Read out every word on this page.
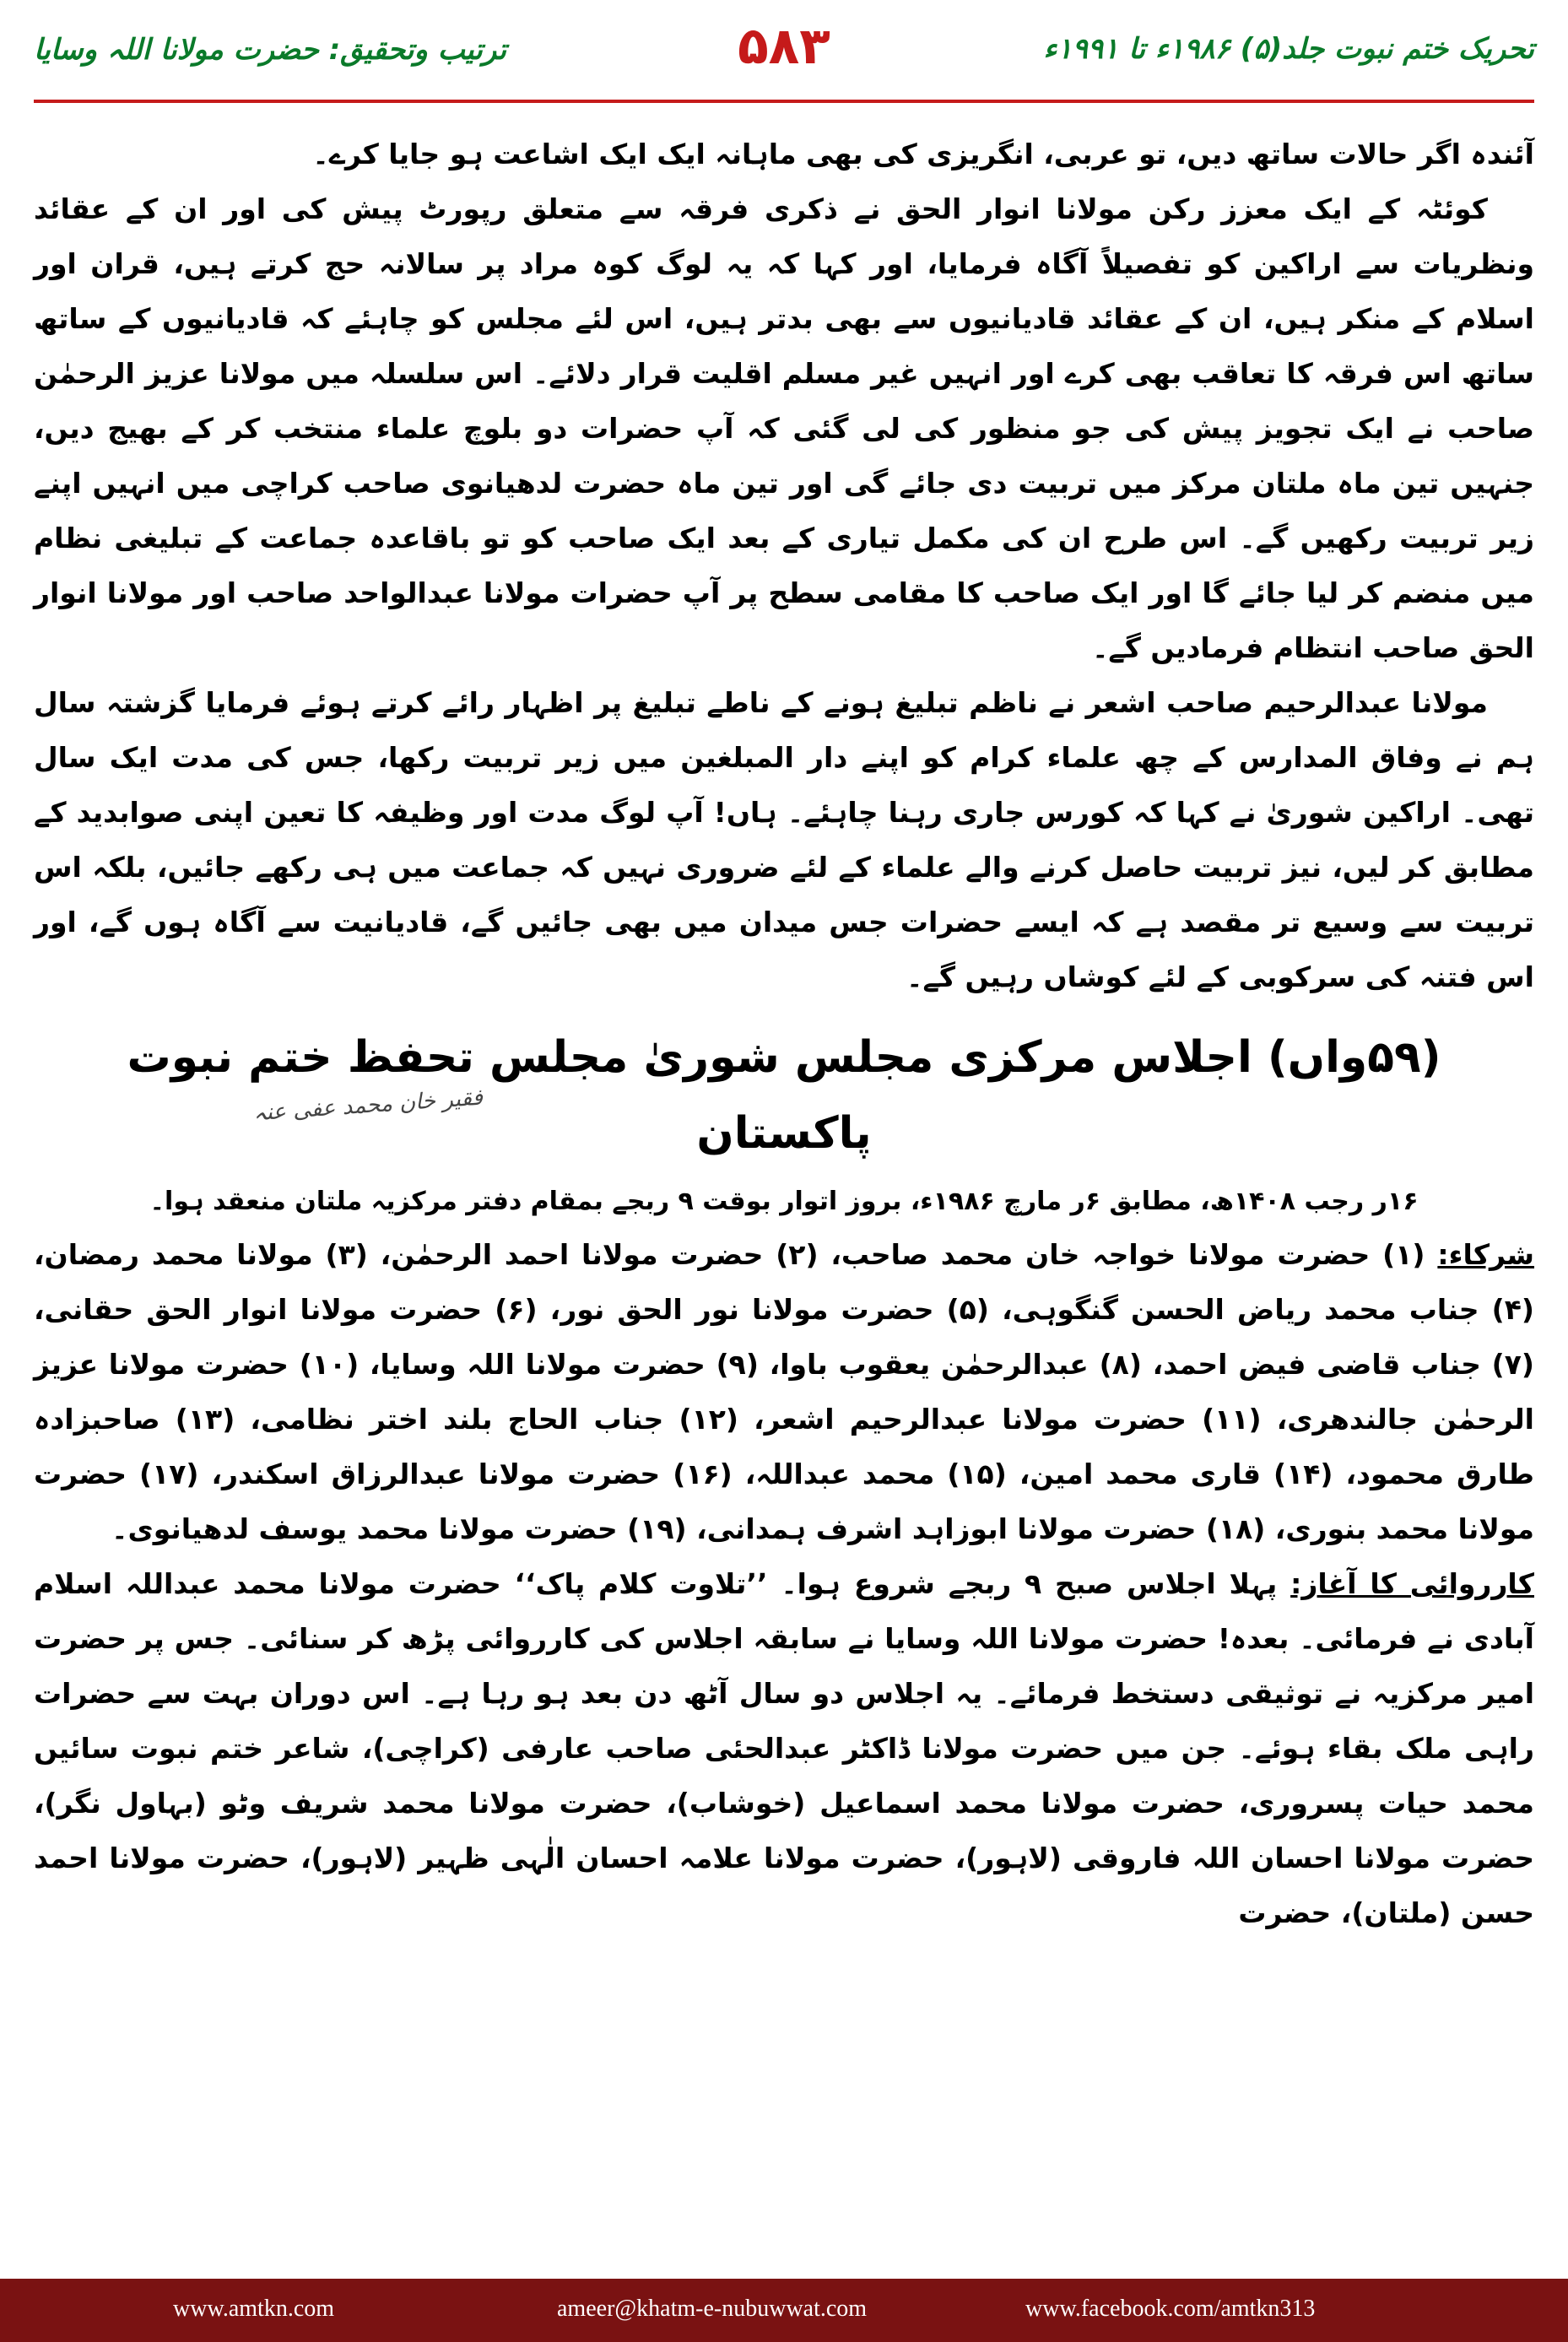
ترتیب وتحقیق: حضرت مولانا اللہ وسایا	۵۸۳	تحریک ختم نبوت جلد(۵) ۱۹۸۶ء تا ۱۹۹۱ء

آئندہ اگر حالات ساتھ دیں، تو عربی، انگریزی کی بھی ماہانہ ایک ایک اشاعت ہو جایا کرے۔

کوئٹہ کے ایک معزز رکن مولانا انوار الحق نے ذکری فرقہ سے متعلق رپورٹ پیش کی اور ان کے عقائد ونظریات سے اراکین کو تفصیلاً آگاہ فرمایا، اور کہا کہ یہ لوگ کوہ مراد پر سالانہ حج کرتے ہیں، قران اور اسلام کے منکر ہیں، ان کے عقائد قادیانیوں سے بھی بدتر ہیں، اس لئے مجلس کو چاہئے کہ قادیانیوں کے ساتھ ساتھ اس فرقہ کا تعاقب بھی کرے اور انہیں غیر مسلم اقلیت قرار دلائے۔ اس سلسلہ میں مولانا عزیز الرحمٰن صاحب نے ایک تجویز پیش کی جو منظور کی لی گئی کہ آپ حضرات دو بلوچ علماء منتخب کر کے بھیج دیں، جنہیں تین ماہ ملتان مرکز میں تربیت دی جائے گی اور تین ماہ حضرت لدھیانوی صاحب کراچی میں انہیں اپنے زیر تربیت رکھیں گے۔ اس طرح ان کی مکمل تیاری کے بعد ایک صاحب کو تو باقاعدہ جماعت کے تبلیغی نظام میں منضم کر لیا جائے گا اور ایک صاحب کا مقامی سطح پر آپ حضرات مولانا عبدالواحد صاحب اور مولانا انوار الحق صاحب انتظام فرمادیں گے۔

مولانا عبدالرحیم صاحب اشعر نے ناظم تبلیغ ہونے کے ناطے تبلیغ پر اظہار رائے کرتے ہوئے فرمایا گزشتہ سال ہم نے وفاق المدارس کے چھ علماء کرام کو اپنے دار المبلغین میں زیر تربیت رکھا، جس کی مدت ایک سال تھی۔ اراکین شوریٰ نے کہا کہ کورس جاری رہنا چاہئے۔ ہاں! آپ لوگ مدت اور وظیفہ کا تعین اپنی صوابدید کے مطابق کر لیں، نیز تربیت حاصل کرنے والے علماء کے لئے ضروری نہیں کہ جماعت میں ہی رکھے جائیں، بلکہ اس تربیت سے وسیع تر مقصد ہے کہ ایسے حضرات جس میدان میں بھی جائیں گے، قادیانیت سے آگاہ ہوں گے، اور اس فتنہ کی سرکوبی کے لئے کوشاں رہیں گے۔

(۵۹واں) اجلاس مرکزی مجلس شوریٰ مجلس تحفظ ختم نبوت پاکستان

۱۶ر رجب ۱۴۰۸ھ، مطابق ۶ر مارچ ۱۹۸۶ء، بروز اتوار بوقت ۹ ربجے بمقام دفتر مرکزیہ ملتان منعقد ہوا۔

شرکاء: (۱) حضرت مولانا خواجہ خان محمد صاحب، (۲) حضرت مولانا احمد الرحمٰن، (۳) مولانا محمد رمضان، (۴) جناب محمد ریاض الحسن گنگوہی، (۵) حضرت مولانا نور الحق نور، (۶) حضرت مولانا انوار الحق حقانی، (۷) جناب قاضی فیض احمد، (۸) عبدالرحمٰن یعقوب باوا، (۹) حضرت مولانا اللہ وسایا، (۱۰) حضرت مولانا عزیز الرحمٰن جالندھری، (۱۱) حضرت مولانا عبدالرحیم اشعر، (۱۲) جناب الحاج بلند اختر نظامی، (۱۳) صاحبزادہ طارق محمود، (۱۴) قاری محمد امین، (۱۵) محمد عبداللہ، (۱۶) حضرت مولانا عبدالرزاق اسکندر، (۱۷) حضرت مولانا محمد بنوری، (۱۸) حضرت مولانا ابوزاہد اشرف ہمدانی، (۱۹) حضرت مولانا محمد یوسف لدھیانوی۔

کارروائی کا آغاز: پہلا اجلاس صبح ۹ ربجے شروع ہوا۔ ’’تلاوت کلام پاک‘‘ حضرت مولانا محمد عبداللہ اسلام آبادی نے فرمائی۔ بعدہ! حضرت مولانا اللہ وسایا نے سابقہ اجلاس کی کارروائی پڑھ کر سنائی۔ جس پر حضرت امیر مرکزیہ نے توثیقی دستخط فرمائے۔ یہ اجلاس دو سال آٹھ دن بعد ہو رہا ہے۔ اس دوران بہت سے حضرات راہی ملک بقاء ہوئے۔ جن میں حضرت مولانا ڈاکٹر عبدالحئی صاحب عارفی (کراچی)، شاعر ختم نبوت سائیں محمد حیات پسروری، حضرت مولانا محمد اسماعیل (خوشاب)، حضرت مولانا محمد شریف وٹو (بہاول نگر)، حضرت مولانا احسان اللہ فاروقی (لاہور)، حضرت مولانا علامہ احسان الٰہی ظہیر (لاہور)، حضرت مولانا احمد حسن (ملتان)، حضرت

فقیر خان محمد عفی عنہ
www.amtkn.com	ameer@khatm-e-nubuwwat.com	www.facebook.com/amtkn313
